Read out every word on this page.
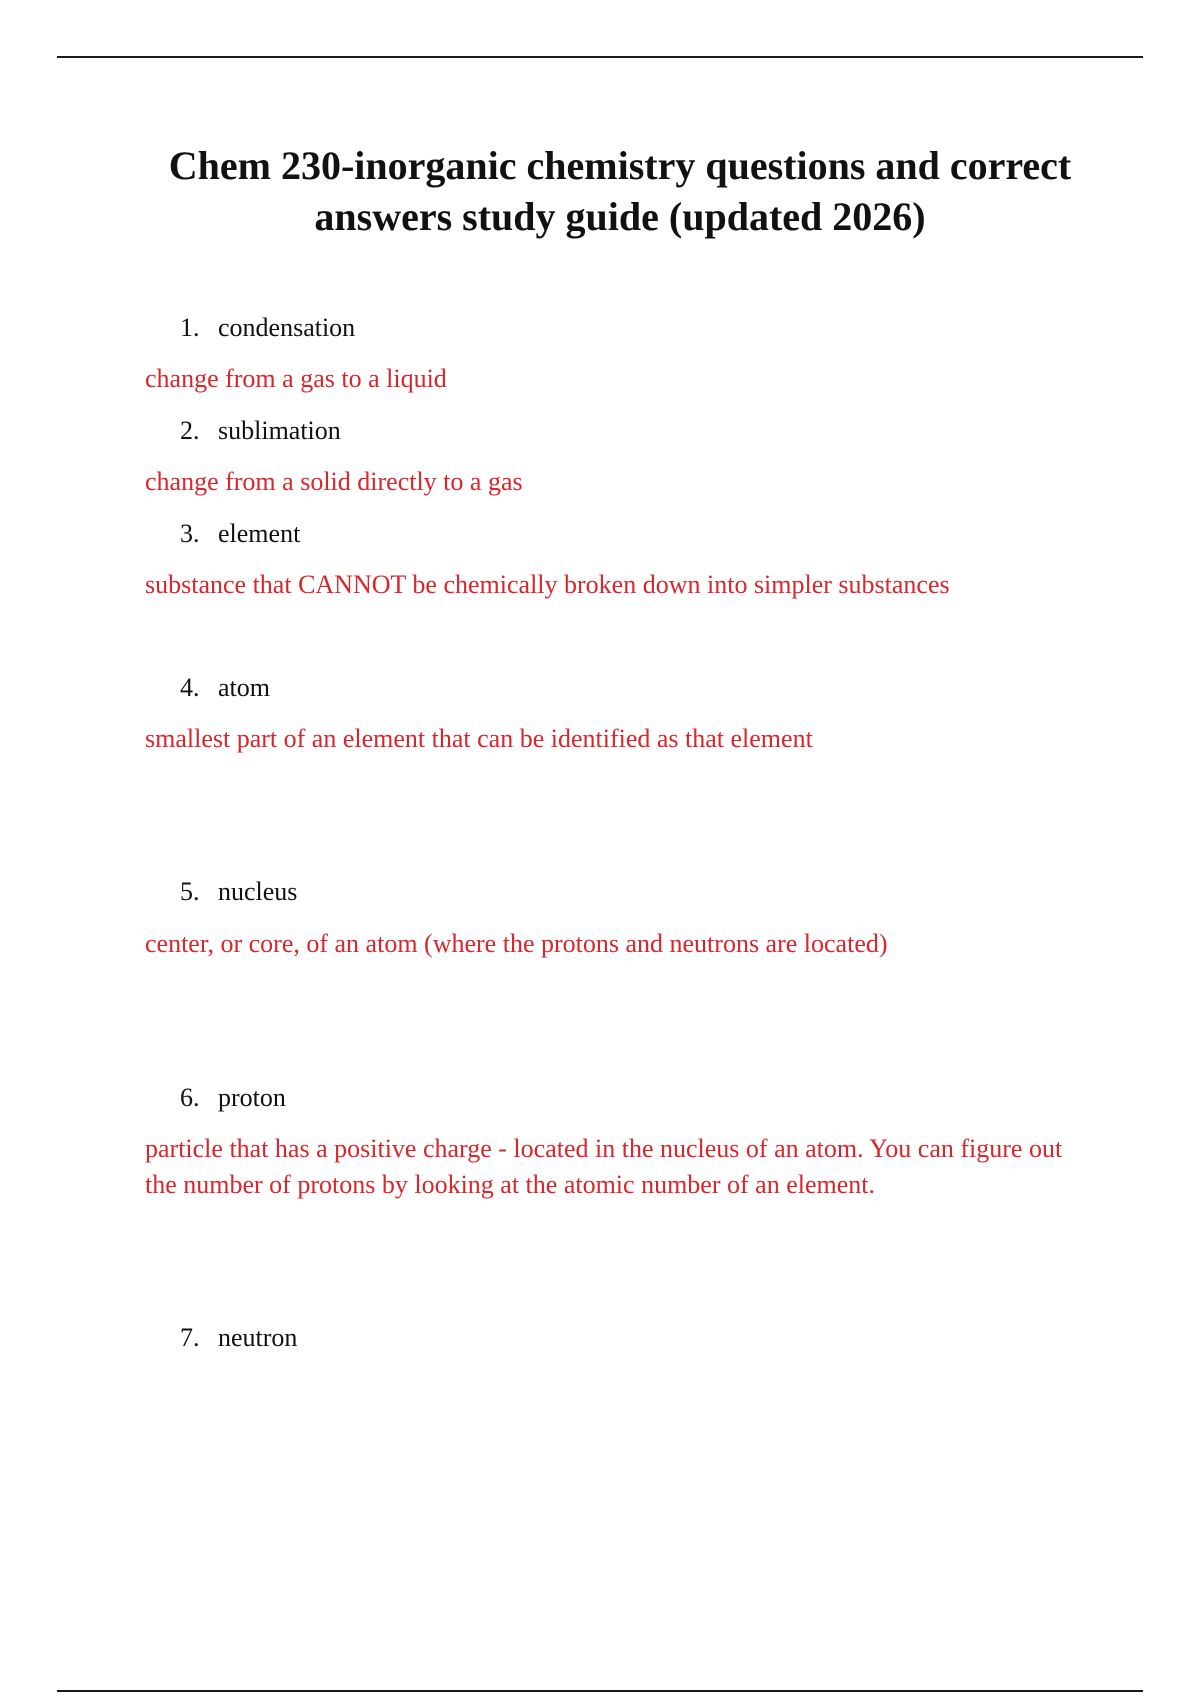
Chem 230-inorganic chemistry questions and correct answers study guide (updated 2026)
1. condensation
change from a gas to a liquid
2. sublimation
change from a solid directly to a gas
3. element
substance that CANNOT be chemically broken down into simpler substances
4. atom
smallest part of an element that can be identified as that element
5. nucleus
center, or core, of an atom (where the protons and neutrons are located)
6. proton
particle that has a positive charge - located in the nucleus of an atom. You can figure out the number of protons by looking at the atomic number of an element.
7. neutron
